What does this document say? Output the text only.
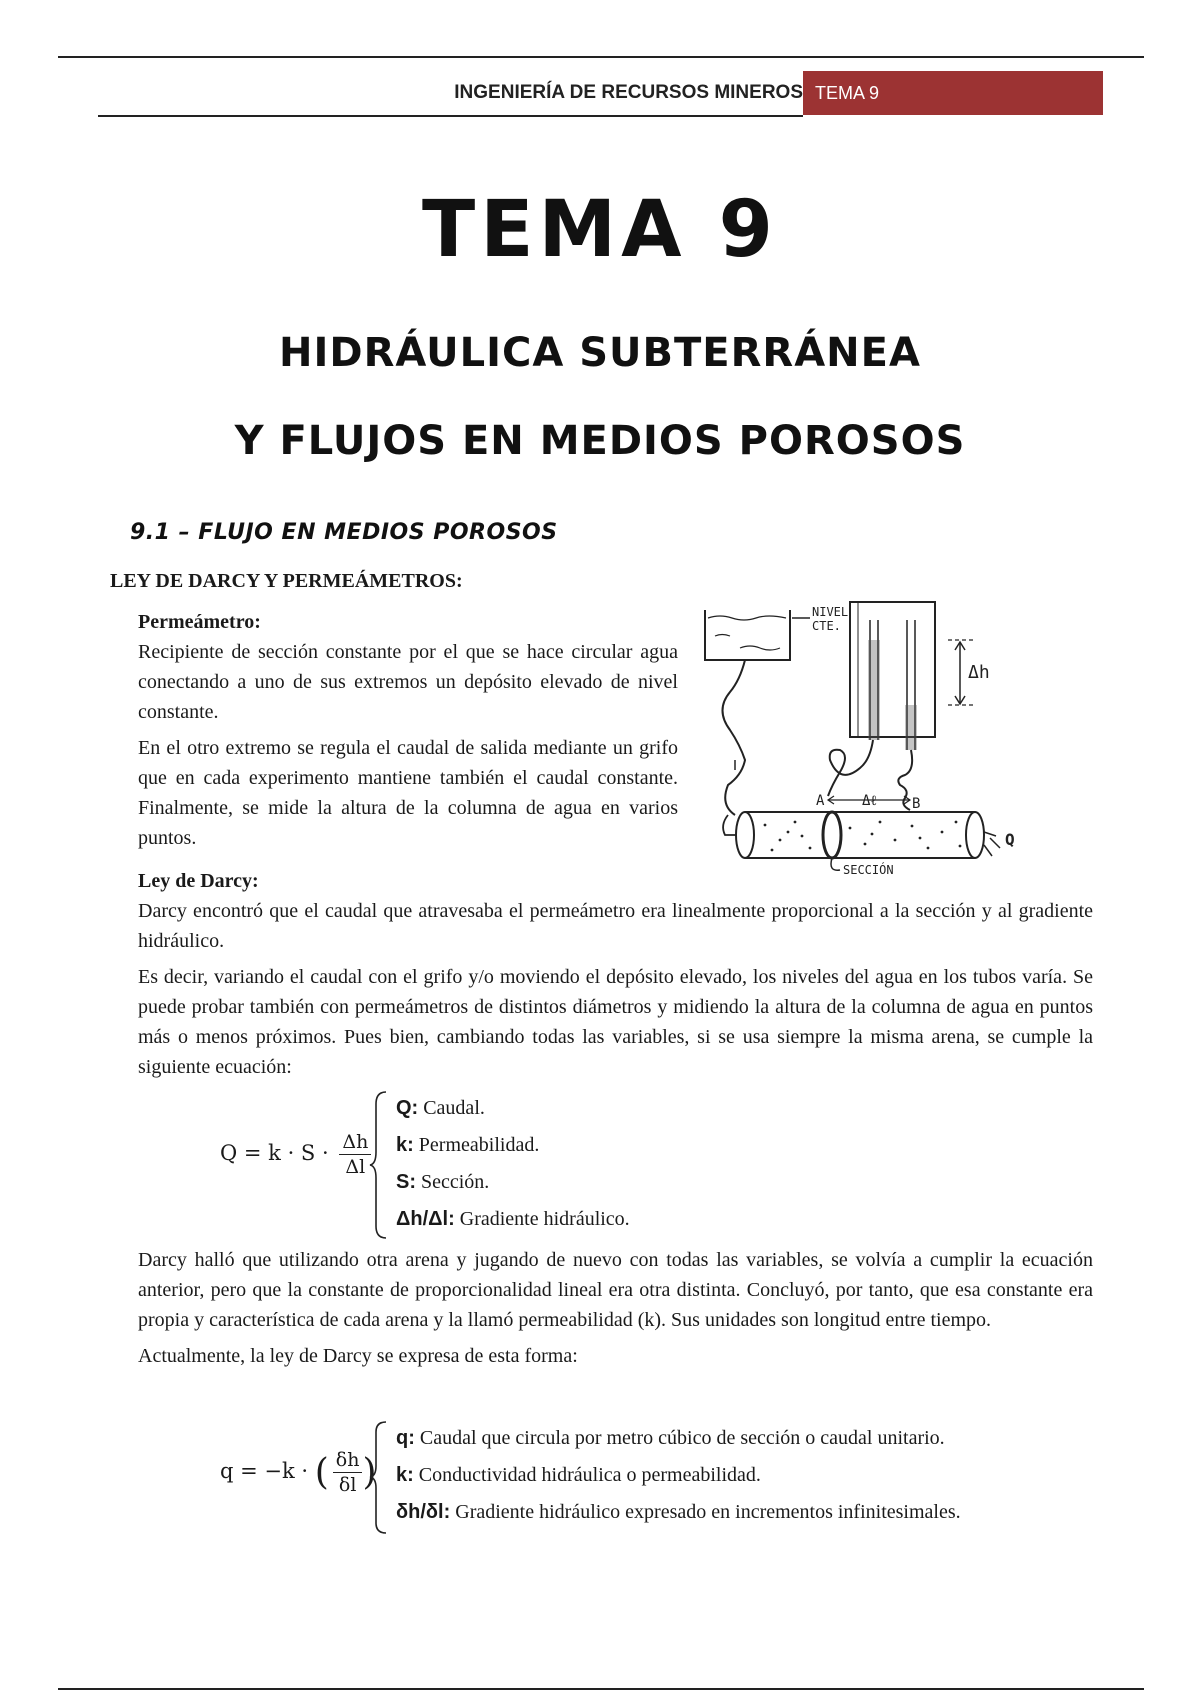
INGENIERÍA DE RECURSOS MINEROS TEMA 9
TEMA 9
HIDRÁULICA SUBTERRÁNEA
Y FLUJOS EN MEDIOS POROSOS
9.1 – FLUJO EN MEDIOS POROSOS
LEY DE DARCY Y PERMEÁMETROS:

Permeámetro:

Recipiente de sección constante por el que se hace circular agua conectando a uno de sus extremos un depósito elevado de nivel constante.

En el otro extremo se regula el caudal de salida mediante un grifo que en cada experimento mantiene también el caudal constante. Finalmente, se mide la altura de la columna de agua en varios puntos.

NIVEL
CTE.
Δh
A	Δℓ B
Q
SECCIÓN

Ley de Darcy:

Darcy encontró que el caudal que atravesaba el permeámetro era linealmente proporcional a la sección y al gradiente hidráulico.

Es decir, variando el caudal con el grifo y/o moviendo el depósito elevado, los niveles del agua en los tubos varía. Se puede probar también con permeámetros de distintos diámetros y midiendo la altura de la columna de agua en puntos más o menos próximos. Pues bien, cambiando todas las variables, si se usa siempre la misma arena, se cumple la siguiente ecuación:

$Q = k \cdot S \cdot \frac{\Delta h}{\Delta l}$
Q: Caudal.
k: Permeabilidad.
S: Sección.
Δh/Δl: Gradiente hidráulico.

Darcy halló que utilizando otra arena y jugando de nuevo con todas las variables, se volvía a cumplir la ecuación anterior, pero que la constante de proporcionalidad lineal era otra distinta. Concluyó, por tanto, que esa constante era propia y característica de cada arena y la llamó permeabilidad (k). Sus unidades son longitud entre tiempo.

Actualmente, la ley de Darcy se expresa de esta forma:

q = −k · ( $\frac{\delta h}{\delta l}$ )
q: Caudal que circula por metro cúbico de sección o caudal unitario.
k: Conductividad hidráulica o permeabilidad.
δh/δl: Gradiente hidráulico expresado en incrementos infinitesimales.
